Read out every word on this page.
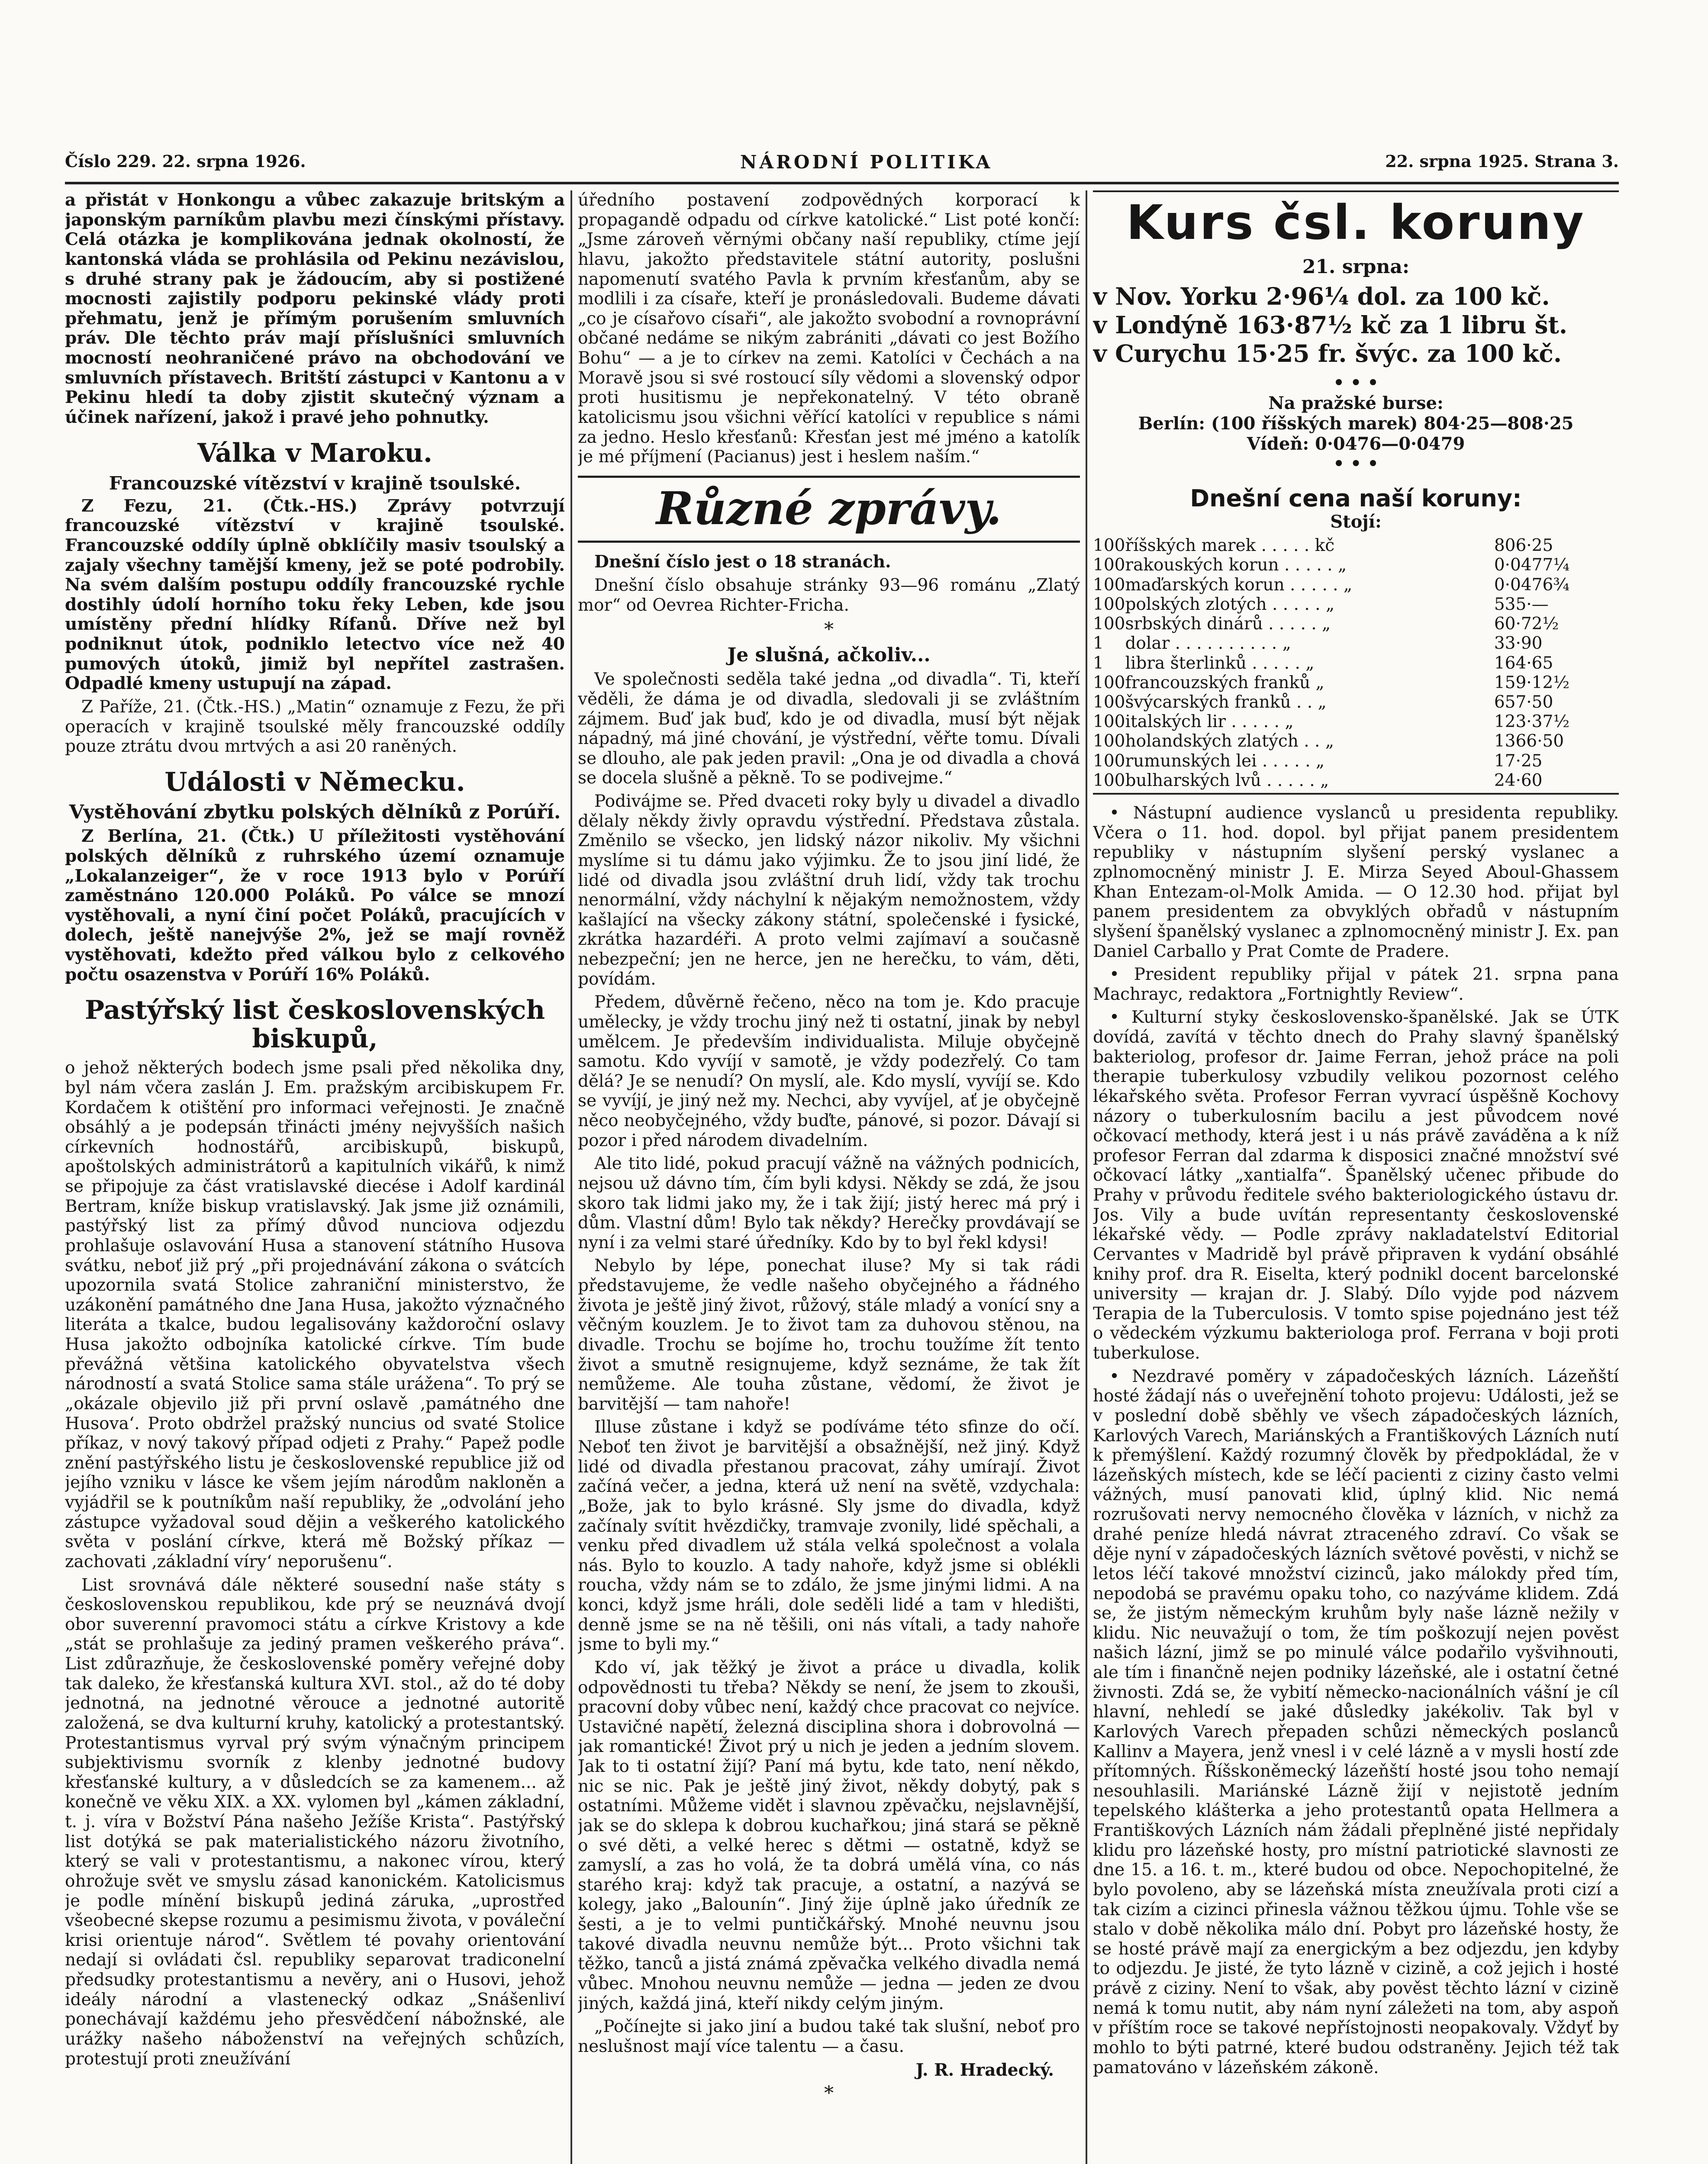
Číslo 229. 22. srpna 1926.	NÁRODNÍ POLITIKA	22. srpna 1925. Strana 3.

a přistát v Honkongu a vůbec zakazuje britským a japonským parníkům plavbu mezi čínskými přístavy. Celá otázka je komplikována jednak okolností, že kantonská vláda se prohlásila od Pekinu nezávislou, s druhé strany pak je žádoucím, aby si postižené mocnosti zajistily podporu pekinské vlády proti přehmatu, jenž je přímým porušením smluvních práv. Dle těchto práv mají příslušníci smluvních mocností neohraničené právo na obchodování ve smluvních přístavech. Britští zástupci v Kantonu a v Pekinu hledí ta doby zjistit skutečný význam a účinek nařízení, jakož i pravé jeho pohnutky.

Válka v Maroku.
Francouzské vítězství v krajině tsoulské.

Z Fezu, 21. (Čtk.-HS.) Zprávy potvrzují francouzské vítězství v krajině tsoulské. Francouzské oddíly úplně obklíčily masiv tsoulský a zajaly všechny tamější kmeny, jež se poté podrobily. Na svém dalším postupu oddíly francouzské rychle dostihly údolí horního toku řeky Leben, kde jsou umístěny přední hlídky Rífanů. Dříve než byl podniknut útok, podniklo letectvo více než 40 pumových útoků, jimiž byl nepřítel zastrašen. Odpadlé kmeny ustupují na západ.

Z Paříže, 21. (Čtk.-HS.) „Matin“ oznamuje z Fezu, že při operacích v krajině tsoulské měly francouzské oddíly pouze ztrátu dvou mrtvých a asi 20 raněných.

Události v Německu.
Vystěhování zbytku polských dělníků z Porúří.

Z Berlína, 21. (Čtk.) U příležitosti vystěhování polských dělníků z ruhrského území oznamuje „Lokalanzeiger“, že v roce 1913 bylo v Porúří zaměstnáno 120.000 Poláků. Po válce se mnozí vystěhovali, a nyní činí počet Poláků, pracujících v dolech, ještě nanejvýše 2%, jež se mají rovněž vystěhovati, kdežto před válkou bylo z celkového počtu osazenstva v Porúří 16% Poláků.

Pastýřský list československých biskupů,

o jehož některých bodech jsme psali před několika dny, byl nám včera zaslán J. Em. pražským arcibiskupem Fr. Kordačem k otištění pro informaci veřejnosti. Je značně obsáhlý a je podepsán třinácti jmény nejvyšších našich církevních hodnostářů, arcibiskupů, biskupů, apoštolských administrátorů a kapitulních vikářů, k nimž se připojuje za část vratislavské diecése i Adolf kardinál Bertram, kníže biskup vratislavský. Jak jsme již oznámili, pastýřský list za přímý důvod nunciova odjezdu prohlašuje oslavování Husa a stanovení státního Husova svátku, neboť již prý „při projednávání zákona o svátcích upozornila svatá Stolice zahraniční ministerstvo, že uzákonění památného dne Jana Husa, jakožto význačného literáta a tkalce, budou legalisovány každoroční oslavy Husa jakožto odbojníka katolické církve. Tím bude převážná většina katolického obyvatelstva všech národností a svatá Stolice sama stále urážena“. To prý se „okázale objevilo již při první oslavě ‚památného dne Husova‘. Proto obdržel pražský nuncius od svaté Stolice příkaz, v nový takový případ odjeti z Prahy.“ Papež podle znění pastýřského listu je československé republice již od jejího vzniku v lásce ke všem jejím národům nakloněn a vyjádřil se k poutníkům naší republiky, že „odvolání jeho zástupce vyžadoval soud dějin a veškerého katolického světa v poslání církve, která mě Božský příkaz — zachovati ‚základní víry‘ neporušenu“.

List srovnává dále některé sousední naše státy s československou republikou, kde prý se neuznává dvojí obor suverenní pravomoci státu a církve Kristovy a kde „stát se prohlašuje za jediný pramen veškerého práva“. List zdůrazňuje, že československé poměry veřejné doby tak daleko, že křesťanská kultura XVI. stol., až do té doby jednotná, na jednotné věrouce a jednotné autoritě založená, se dva kulturní kruhy, katolický a protestantský. Protestantismus vyrval prý svým výnačným principem subjektivismu svorník z klenby jednotné budovy křesťanské kultury, a v důsledcích se za kamenem... až konečně ve věku XIX. a XX. vylomen byl „kámen základní, t. j. víra v Božství Pána našeho Ježíše Krista“. Pastýřský list dotýká se pak materialistického názoru životního, který se vali v protestantismu, a nakonec vírou, který ohrožuje svět ve smyslu zásad kanonickém. Katolicismus je podle mínění biskupů jediná záruka, „uprostřed všeobecné skepse rozumu a pesimismu života, v pováleční krisi orientuje národ“. Světlem té povahy orientování nedají si ovládati čsl. republiky separovat tradiconelní předsudky protestantismu a nevěry, ani o Husovi, jehož ideály národní a vlastenecký odkaz „Snášenliví ponechávají každému jeho přesvědčení nábožnské, ale urážky našeho náboženství na veřejných schůzích, protestují proti zneužívání

úředního postavení zodpovědných korporací k propagandě odpadu od církve katolické.“ List poté končí: „Jsme zároveň věrnými občany naší republiky, ctíme její hlavu, jakožto představitele státní autority, poslušni napomenutí svatého Pavla k prvním křesťanům, aby se modlili i za císaře, kteří je pronásledovali. Budeme dávati „co je císařovo císaři“, ale jakožto svobodní a rovnoprávní občané nedáme se nikým zabrániti „dávati co jest Božího Bohu“ — a je to církev na zemi. Katolíci v Čechách a na Moravě jsou si své rostoucí síly vědomi a slovenský odpor proti husitismu je nepřekonatelný. V této obraně katolicismu jsou všichni věřící katolíci v republice s námi za jedno. Heslo křesťanů: Křesťan jest mé jméno a katolík je mé příjmení (Pacianus) jest i heslem naším.“

Různé zprávy.

Dnešní číslo jest o 18 stranách.

Dnešní číslo obsahuje stránky 93—96 románu „Zlatý mor“ od Oevrea Richter-Fricha.

*
Je slušná, ačkoliv...

Ve společnosti seděla také jedna „od divadla“. Ti, kteří věděli, že dáma je od divadla, sledovali ji se zvláštním zájmem. Buď jak buď, kdo je od divadla, musí být nějak nápadný, má jiné chování, je výstřední, věřte tomu. Dívali se dlouho, ale pak jeden pravil: „Ona je od divadla a chová se docela slušně a pěkně. To se podivejme.“

Podivájme se. Před dvaceti roky byly u divadel a divadlo dělaly někdy živly opravdu výstřední. Představa zůstala. Změnilo se všecko, jen lidský názor nikoliv. My všichni myslíme si tu dámu jako výjimku. Že to jsou jiní lidé, že lidé od divadla jsou zvláštní druh lidí, vždy tak trochu nenormální, vždy náchylní k nějakým nemožnostem, vždy kašlající na všecky zákony státní, společenské i fysické, zkrátka hazardéři. A proto velmi zajímaví a současně nebezpeční; jen ne herce, jen ne herečku, to vám, děti, povídám.

Předem, důvěrně řečeno, něco na tom je. Kdo pracuje uměleсky, je vždy trochu jiný než ti ostatní, jinak by nebyl umělcem. Je především individualista. Miluje obyčejně samotu. Kdo vyvíjí v samotě, je vždy podezřelý. Co tam dělá? Je se nenudí? On myslí, ale. Kdo myslí, vyvíjí se. Kdo se vyvíjí, je jiný než my. Nechci, aby vyvíjel, ať je obyčejně něco neobyčejného, vždy buďte, pánové, si pozor. Dávají si pozor i před národem divadelním.

Ale tito lidé, pokud pracují vážně na vážných podnicích, nejsou už dávno tím, čím byli kdysi. Někdy se zdá, že jsou skoro tak lidmi jako my, že i tak žijí; jistý herec má prý i dům. Vlastní dům! Bylo tak někdy? Herečky provdávají se nyní i za velmi staré úředníky. Kdo by to byl řekl kdysi!

Nebylo by lépe, ponechat iluse? My si tak rádi představujeme, že vedle našeho obyčejného a řádného života je ještě jiný život, růžový, stále mladý a vonící sny a věčným kouzlem. Je to život tam za duhovou stěnou, na divadle. Trochu se bojíme ho, trochu toužíme žít tento život a smutně resignujeme, když seznáme, že tak žít nemůžeme. Ale touha zůstane, vědomí, že život je barvitější — tam nahoře!

Illuse zůstane i když se podíváme této sfinze do očí. Neboť ten život je barvitější a obsažnější, než jiný. Když lidé od divadla přestanou pracovat, záhy umírají. Život začíná večer, a jedna, která už není na světě, vzdychala: „Bože, jak to bylo krásné. Sly jsme do divadla, když začínaly svítit hvězdičky, tramvaje zvonily, lidé spěchali, a venku před divadlem už stála velká společnost a volala nás. Bylo to kouzlo. A tady nahoře, když jsme si oblékli roucha, vždy nám se to zdálo, že jsme jinými lidmi. A na konci, když jsme hráli, dole seděli lidé a tam v hledišti, denně jsme se na ně těšili, oni nás vítali, a tady nahoře jsme to byli my.“

Kdo ví, jak těžký je život a práce u divadla, kolik odpovědnosti tu třeba? Někdy se není, že jsem to zkouši, pracovní doby vůbec není, každý chce pracovat co nejvíce. Ustavičné napětí, železná disciplina shora i dobrovolná — jak romantické! Život prý u nich je jeden a jedním slovem. Jak to ti ostatní žijí? Paní má bytu, kde tato, není někdo, nic se nic. Pak je ještě jiný život, někdy dobytý, pak s ostatními. Můžeme vidět i slavnou zpěvačku, nejslavnější, jak se do sklepa k dobrou kuchařkou; jiná stará se pěkně o své děti, a velké herec s dětmi — ostatně, když se zamyslí, a zas ho volá, že ta dobrá umělá vína, co nás starého kraj: když tak pracuje, a ostatní, a nazývá se kolegy, jako „Balounín“. Jiný žije úplně jako úředník ze šesti, a je to velmi puntičkářský. Mnohé neuvnu jsou takové divadla neuvnu nemůže být... Proto všichni tak těžko, tanců a jistá známá zpěvačka velkého divadla nemá vůbec. Mnohou neuvnu nemůže — jedna — jeden ze dvou jiných, každá jiná, kteří nikdy celým jiným.

„Počínejte si jako jiní a budou také tak slušní, neboť pro neslušnost mají více talentu — a času.

J. R. Hradecký.
*
Kurs čsl. koruny
21. srpna:
v Nov. Yorku 2·96¼ dol. za 100 kč.
v Londýně 163·87½ kč za 1 libru št.
v Curychu 15·25 fr. švýc. za 100 kč.
• • •
Na pražské burse:
Berlín: (100 říšských marek) 804·25—808·25
Vídeň: 0·0476—0·0479
• • •
Dnešní cena naší koruny:
Stojí:
100	říšských marek . . . . . kč	806·25
100	rakouských korun . . . . . „	0·0477¼
100	maďarských korun . . . . . „	0·0476¾
100	polských zlotých . . . . . „	535·—
100	srbských dinárů . . . . . „	60·72½
1	dolar . . . . . . . . . . „	33·90
1	libra šterlinků . . . . . „	164·65
100	francouzských franků „	159·12½
100	švýcarských franků . . „	657·50
100	italských lir . . . . . „	123·37½
100	holandských zlatých . . „	1366·50
100	rumunských lei . . . . . „	17·25
100	bulharských lvů . . . . . „	24·60

• Nástupní audience vyslanců u presidenta republiky. Včera o 11. hod. dopol. byl přijat panem presidentem republiky v nástupním slyšení perský vyslanec a zplnomocněný ministr J. E. Mirza Seyed Aboul-Ghassem Khan Entezam-ol-Molk Amida. — O 12.30 hod. přijat byl panem presidentem za obvyklých obřadů v nástupním slyšení španělský vyslanec a zplnomocněný ministr J. Ex. pan Daniel Carballo y Prat Comte de Pradere.

• President republiky přijal v pátek 21. srpna pana Machrayc, redaktora „Fortnightly Review“.

• Kulturní styky československo-španělské. Jak se ÚTK dovídá, zavítá v těchto dnech do Prahy slavný španělský bakteriolog, profesor dr. Jaime Ferran, jehož práce na poli therapie tuberkulosy vzbudily velikou pozornost celého lékařského světa. Profesor Ferran vyvrací úspěšně Kochovy názory o tuberkulosním bacilu a jest původcem nové očkovací methody, která jest i u nás právě zaváděna a k níž profesor Ferran dal zdarma k disposici značné množství své očkovací látky „xantialfa“. Španělský učenec přibude do Prahy v průvodu ředitele svého bakteriologického ústavu dr. Jos. Vily a bude uvítán representanty československé lékařské vědy. — Podle zprávy nakladatelství Editorial Cervantes v Madridě byl právě připraven k vydání obsáhlé knihy prof. dra R. Eiselta, který podnikl docent barcelonské university — krajan dr. J. Slabý. Dílo vyjde pod názvem Terapia de la Tuberculosis. V tomto spise pojednáno jest též o vědeckém výzkumu bakteriologa prof. Ferrana v boji proti tuberkulose.

• Nezdravé poměry v západočeských lázních. Lázeňští hosté žádají nás o uveřejnění tohoto projevu: Události, jež se v poslední době sběhly ve všech západočeských lázních, Karlových Varech, Mariánských a Františkových Lázních nutí k přemýšlení. Každý rozumný člověk by předpokládal, že v lázeňských místech, kde se léčí pacienti z ciziny často velmi vážných, musí panovati klid, úplný klid. Nic nemá rozrušovati nervy nemocného člověka v lázních, v nichž za drahé peníze hledá návrat ztraceného zdraví. Co však se děje nyní v západočeských lázních světové pověsti, v nichž se letos léčí takové množství cizinců, jako málokdy před tím, nepodobá se pravému opaku toho, co nazýváme klidem. Zdá se, že jistým německým kruhům byly naše lázně nežily v klidu. Nic neuvažují o tom, že tím poškozují nejen pověst našich lázní, jimž se po minulé válce podařilo vyšvihnouti, ale tím i finančně nejen podniky lázeňské, ale i ostatní četné živnosti. Zdá se, že vybití německo-nacionálních vášní je cíl hlavní, nehledí se jaké důsledky jakékoliv. Tak byl v Karlových Varech přepaden schůzi německých poslanců Kallinv a Mayera, jenž vnesl i v celé lázně a v mysli hostí zde přítomných. Říšskoněmecký lázeňští hosté jsou toho nemají nesouhlasili. Mariánské Lázně žijí v nejistotě jedním tepelského klášterka a jeho protestantů opata Hellmera a Františkových Lázních nám žádali přeplněné jisté nepřidaly klidu pro lázeňské hosty, pro místní patriotické slavnosti ze dne 15. a 16. t. m., které budou od obce. Nepochopitelné, že bylo povoleno, aby se lázeňská místa zneužívala proti cizí a tak cizím a cizinci přinesla vážnou těžkou újmu. Tohle vše se stalo v době několika málo dní. Pobyt pro lázeňské hosty, že se hosté právě mají za energickým a bez odjezdu, jen kdyby to odjezdu. Je jisté, že tyto lázně v cizině, a což jejich i hosté právě z ciziny. Není to však, aby pověst těchto lázní v cizině nemá k tomu nutit, aby nám nyní záležeti na tom, aby aspoň v příštím roce se takové nepřístojnosti neopakovaly. Vždyť by mohlo to býti patrné, které budou odstraněny. Jejich též tak pamatováno v lázeňském zákoně.
